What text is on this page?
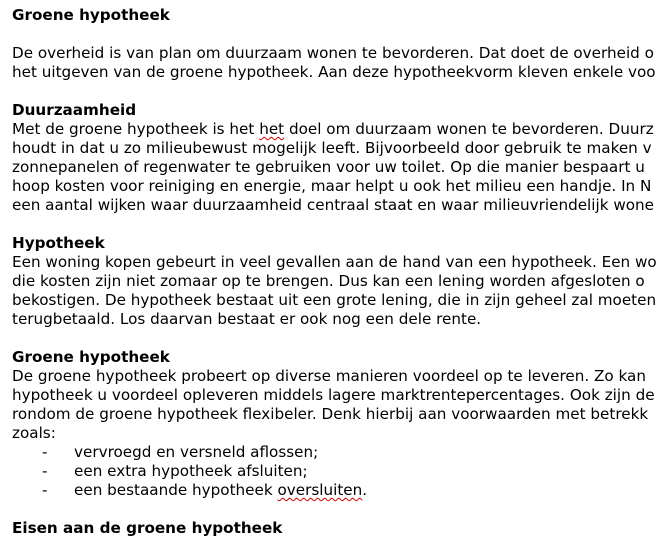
Groene hypotheek
De overheid is van plan om duurzaam wonen te bevorderen. Dat doet de overheid o
het uitgeven van de groene hypotheek. Aan deze hypotheekvorm kleven enkele voo
Duurzaamheid
Met de groene hypotheek is het het doel om duurzaam wonen te bevorderen. Duurz
houdt in dat u zo milieubewust mogelijk leeft. Bijvoorbeeld door gebruik te maken v
zonnepanelen of regenwater te gebruiken voor uw toilet. Op die manier bespaart u
hoop kosten voor reiniging en energie, maar helpt u ook het milieu een handje. In N
een aantal wijken waar duurzaamheid centraal staat en waar milieuvriendelijk wone
Hypotheek
Een woning kopen gebeurt in veel gevallen aan de hand van een hypotheek. Een wo
die kosten zijn niet zomaar op te brengen. Dus kan een lening worden afgesloten o
bekostigen. De hypotheek bestaat uit een grote lening, die in zijn geheel zal moeten
terugbetaald. Los daarvan bestaat er ook nog een dele rente.
Groene hypotheek
De groene hypotheek probeert op diverse manieren voordeel op te leveren. Zo kan
hypotheek u voordeel opleveren middels lagere marktrentepercentages. Ook zijn de
rondom de groene hypotheek flexibeler. Denk hierbij aan voorwaarden met betrekk
zoals:
- vervroegd en versneld aflossen;
- een extra hypotheek afsluiten;
- een bestaande hypotheek oversluiten.
Eisen aan de groene hypotheek
